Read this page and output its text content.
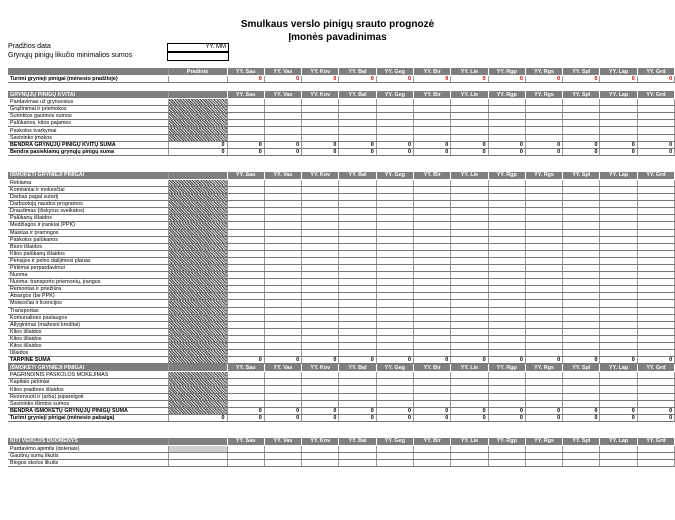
Smulkaus verslo pinigų srauto prognozė
Įmonės pavadinimas
Pradžios data	YY. MM
Grynųjų pinigų likučio minimalios sumos
	Pradinis	YY. Sau	YY. Vas	YY. Kov	YY. Bal	YY. Geg	YY. Bir	YY. Lie	YY. Rgp	YY. Rgs	YY. Spl	YY. Lap	YY. Grd
Turimi grynieji pinigai (mėnesio pradžioje)		0	0	0	0	0	0	0	0	0	0	0	0

GRYNŲJŲ PINIGŲ KVITAI		YY. Sau	YY. Vas	YY. Kov	YY. Bal	YY. Geg	YY. Bir	YY. Lie	YY. Rgp	YY. Rgs	YY. Spl	YY. Lap	YY. Grd
Pardavimas už grynuosius													
Grąžinimai ir priemokos													
Surinktos gautinos sumos													
Palūkanos, kitos pajamos													
Paskolos tvarkymai													
Savininko įmokos													
BENDRA GRYNŲJŲ PINIGŲ KVITŲ SUMA	0	0	0	0	0	0	0	0	0	0	0	0	0
Bendra pasiekiamų grynųjų pinigų suma	0	0	0	0	0	0	0	0	0	0	0	0	0

IŠMOKĖTI GRYNIEJI PINIGAI		YY. Sau	YY. Vas	YY. Kov	YY. Bal	YY. Geg	YY. Bir	YY. Lie	YY. Rgp	YY. Rgs	YY. Spl	YY. Lap	YY. Grd
Reklama													
Komisiniai ir mokesčiai													
Darbas pagal sutartį													
Darbuotojų naudos programos													
Draudimas (išskyrus sveikatos)													
Palūkanų išlaidos													
Medžiagos ir įrankiai (PPK)													
Maistas ir pramogos													
Paskolos palūkanos													
Biuro išlaidos													
Kitos palūkanų išlaidos													
Pensijos ir pelno dalijimosi planas													
Pirkimai perpardavimui													
Nuoma													
Nuoma: transporto priemonių, įrangos													
Remontas ir priežiūra													
Atsargos (be PPK)													
Mokesčiai ir licencijos													
Transportas													
Komunalinės paslaugos													
Atlyginimai (mažesni kreditai)													
Kitos išlaidos													
Kitos išlaidos													
Kitos išlaidos													
Išlaidos													
TARPINĖ SUMA		0	0	0	0	0	0	0	0	0	0	0	0
IŠMOKĖTI GRYNIEJI PINIGAI		YY. Sau	YY. Vas	YY. Kov	YY. Bal	YY. Geg	YY. Bir	YY. Lie	YY. Rgp	YY. Rgs	YY. Spl	YY. Lap	YY. Grd
PAGRINDINIS PASKOLOS MOKĖJIMAS													
Kapitalo pirkiniai													
Kitos pradinės išlaidos													
Rezervuoti ir (arba) įsipareigoti													
Savininko išimtos sumos													
BENDRA IŠMOKĖTŲ GRYNŲJŲ PINIGŲ SUMA		0	0	0	0	0	0	0	0	0	0	0	0
Turimi grynieji pinigai (mėnesio pabaiga)	0	0	0	0	0	0	0	0	0	0	0	0	0

KITI VEIKLOS DUOMENYS		YY. Sau	YY. Vas	YY. Kov	YY. Bal	YY. Geg	YY. Bir	YY. Lie	YY. Rgp	YY. Rgs	YY. Spl	YY. Lap	YY. Grd
Pardavimo apimtis (doleriais)													
Gautinų sumų likutis													
Blogos skolos likutis													
